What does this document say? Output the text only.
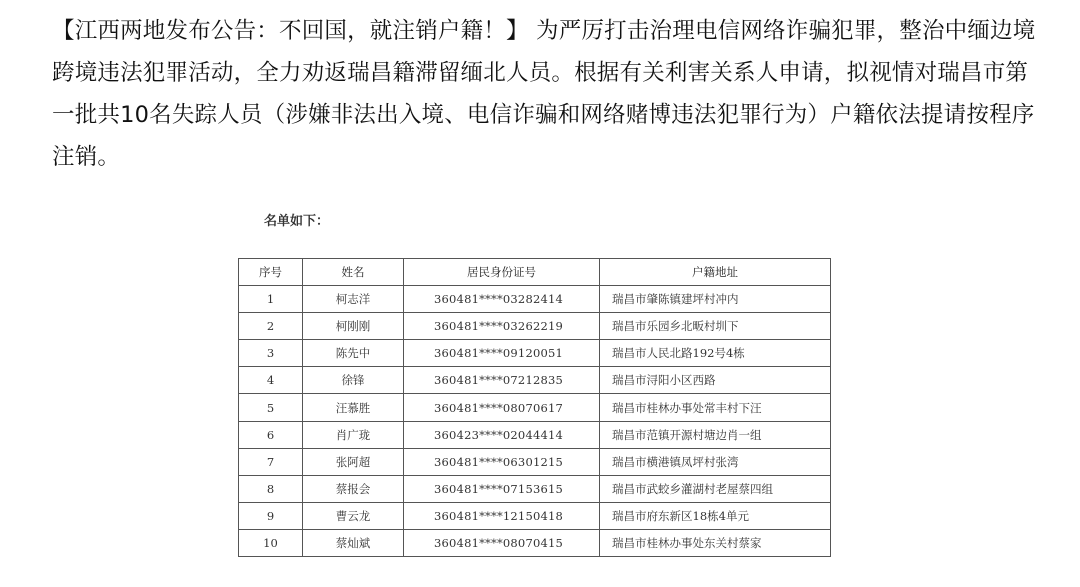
【江西两地发布公告：不回国，就注销户籍！】 为严厉打击治理电信网络诈骗犯罪，整治中缅边境跨境违法犯罪活动，全力劝返瑞昌籍滞留缅北人员。根据有关利害关系人申请，拟视情对瑞昌市第一批共10名失踪人员（涉嫌非法出入境、电信诈骗和网络赌博违法犯罪行为）户籍依法提请按程序注销。
名单如下：
序号	姓名	居民身份证号	户籍地址
1	柯志洋	360481****03282414	瑞昌市肇陈镇建坪村冲内
2	柯刚刚	360481****03262219	瑞昌市乐园乡北畈村圳下
3	陈先中	360481****09120051	瑞昌市人民北路192号4栋
4	徐锋	360481****07212835	瑞昌市浔阳小区西路
5	汪慕胜	360481****08070617	瑞昌市桂林办事处常丰村下汪
6	肖广珑	360423****02044414	瑞昌市范镇开源村塘边肖一组
7	张阿超	360481****06301215	瑞昌市横港镇凤坪村张湾
8	蔡报会	360481****07153615	瑞昌市武蛟乡灌湖村老屋蔡四组
9	曹云龙	360481****12150418	瑞昌市府东新区18栋4单元
10	蔡灿斌	360481****08070415	瑞昌市桂林办事处东关村蔡家
